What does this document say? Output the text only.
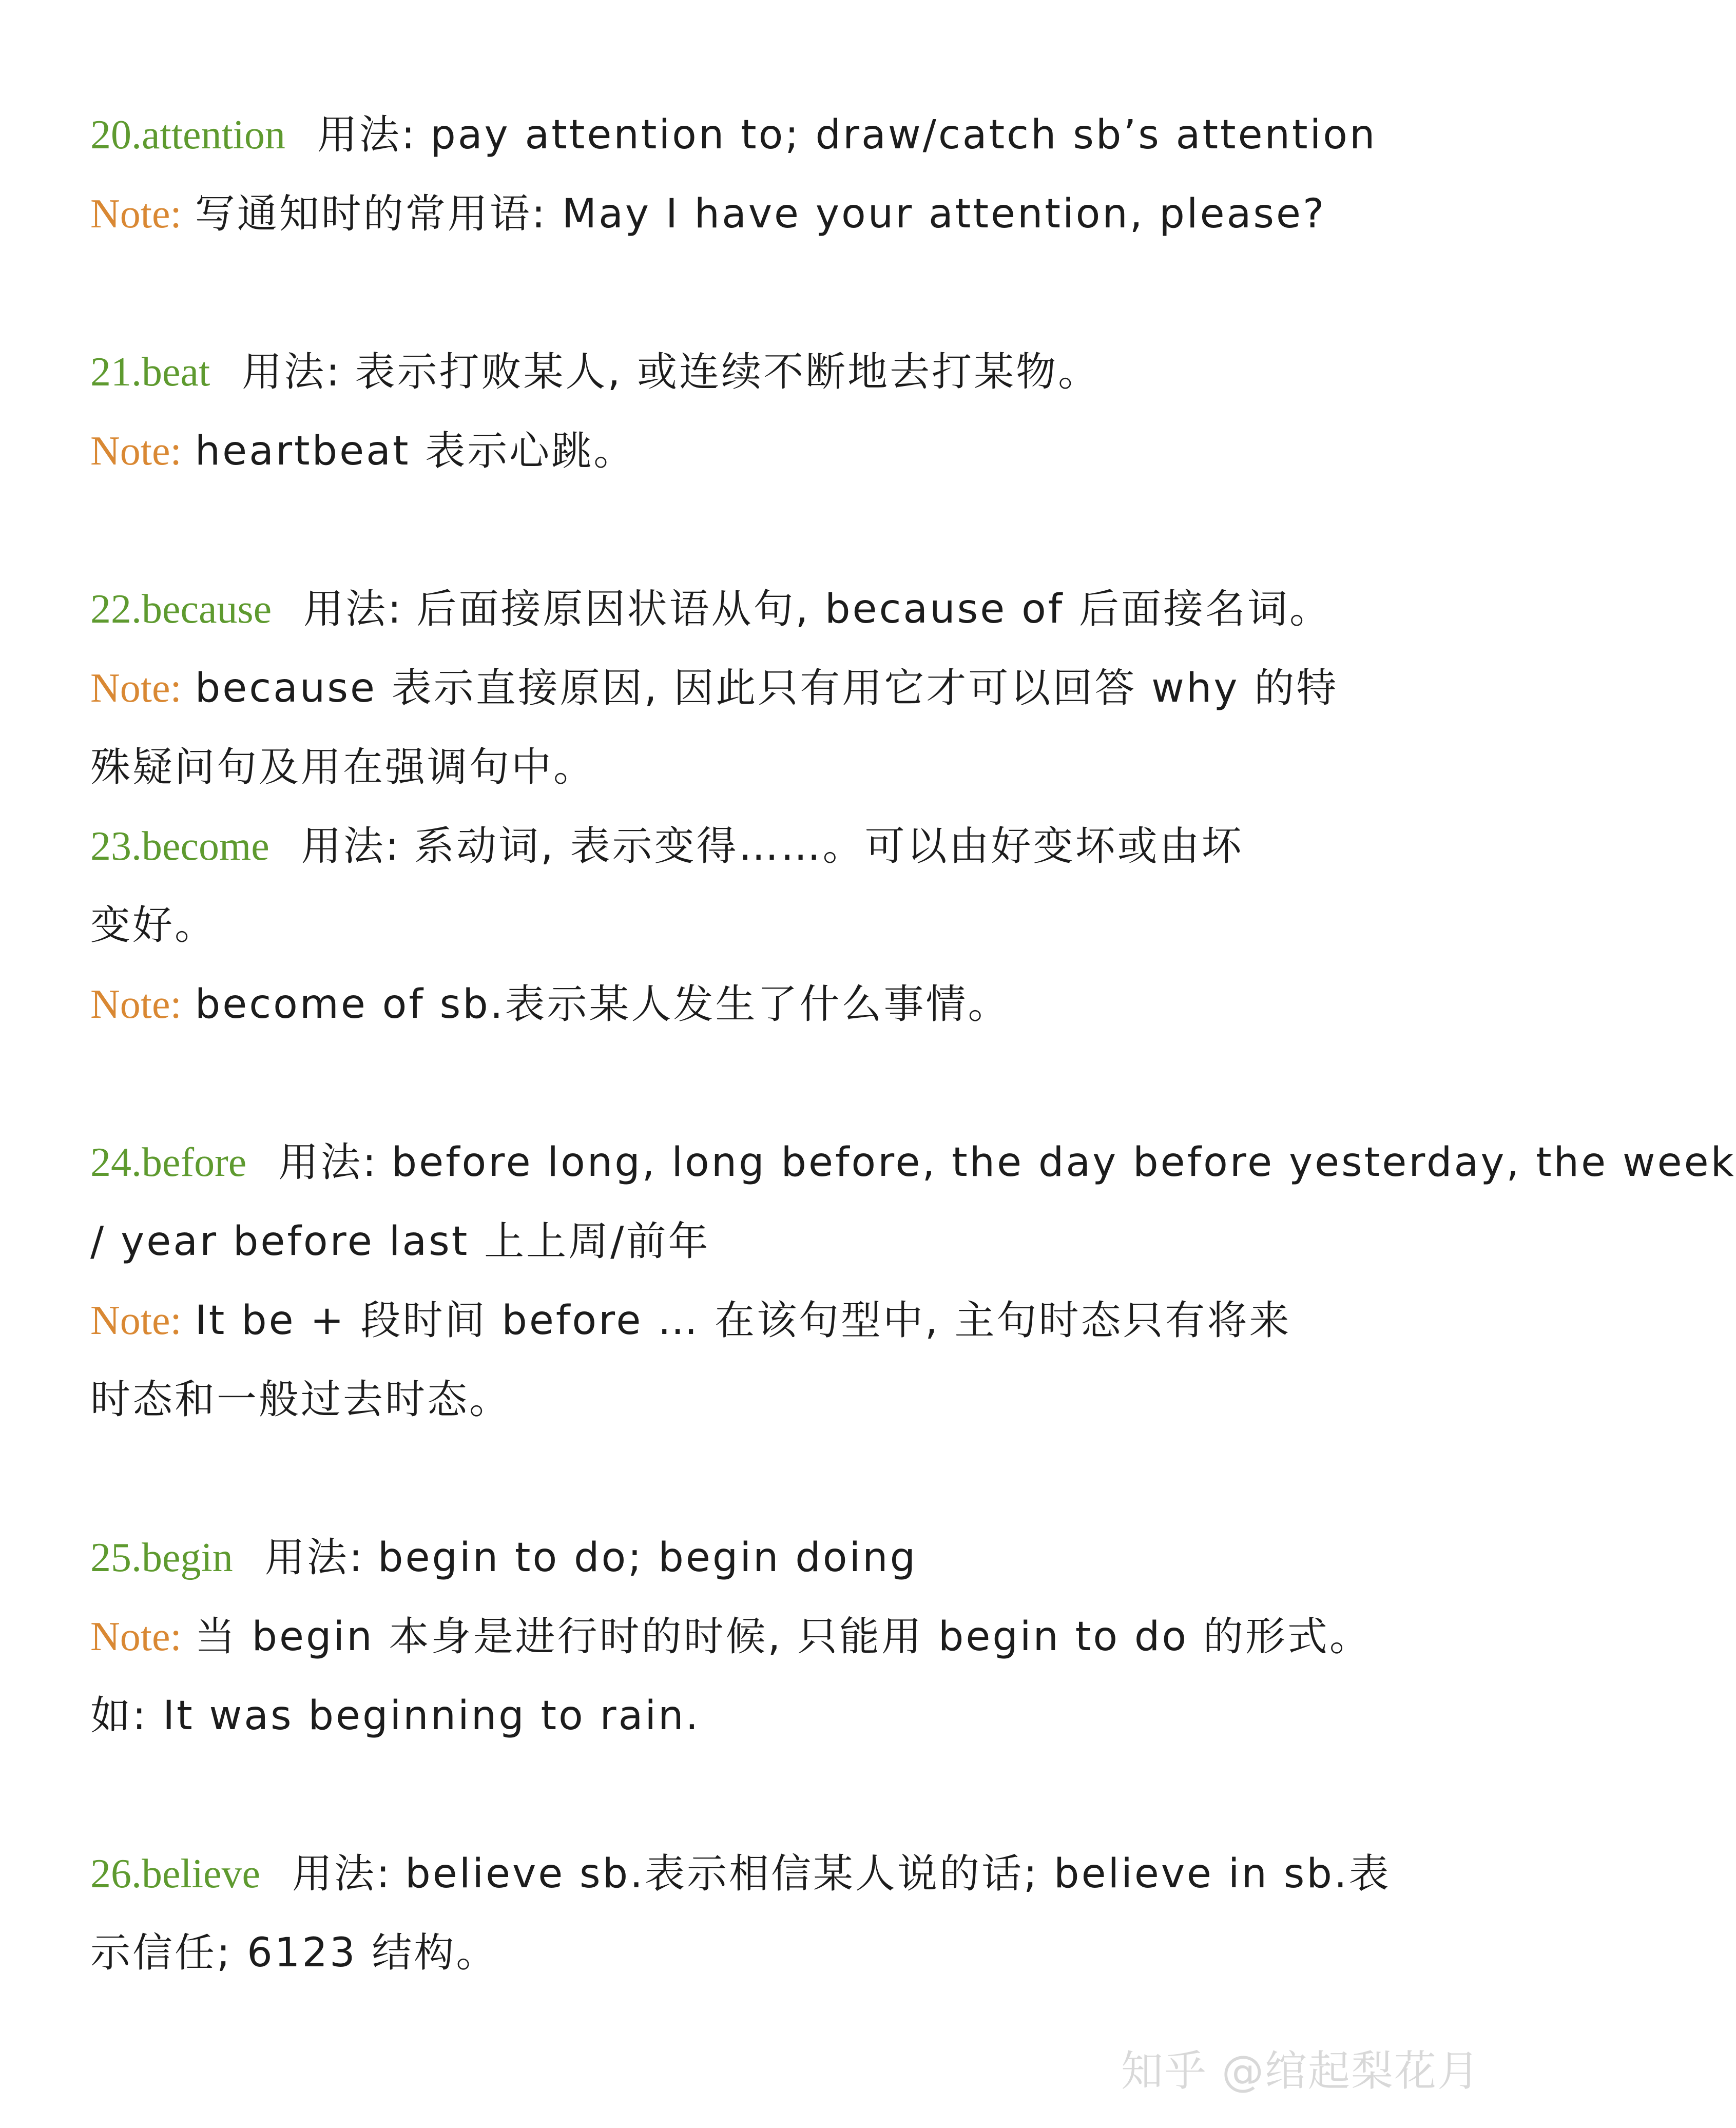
20.attention 用法: pay attention to; draw/catch sb’s attention
Note: 写通知时的常用语: May I have your attention, please?
21.beat 用法: 表示打败某人, 或连续不断地去打某物。
Note: heartbeat 表示心跳。
22.because 用法: 后面接原因状语从句, because of 后面接名词。
Note: because 表示直接原因, 因此只有用它才可以回答 why 的特
殊疑问句及用在强调句中。
23.become 用法: 系动词, 表示变得……。可以由好变坏或由坏
变好。
Note: become of sb.表示某人发生了什么事情。
24.before 用法: before long, long before, the day before yesterday, the week
/ year before last 上上周/前年
Note: It be + 段时间 before … 在该句型中, 主句时态只有将来
时态和一般过去时态。
25.begin 用法: begin to do; begin doing
Note: 当 begin 本身是进行时的时候, 只能用 begin to do 的形式。
如: It was beginning to rain.
26.believe 用法: believe sb.表示相信某人说的话; believe in sb.表
示信任; 6123 结构。
知乎 @绾起梨花月
